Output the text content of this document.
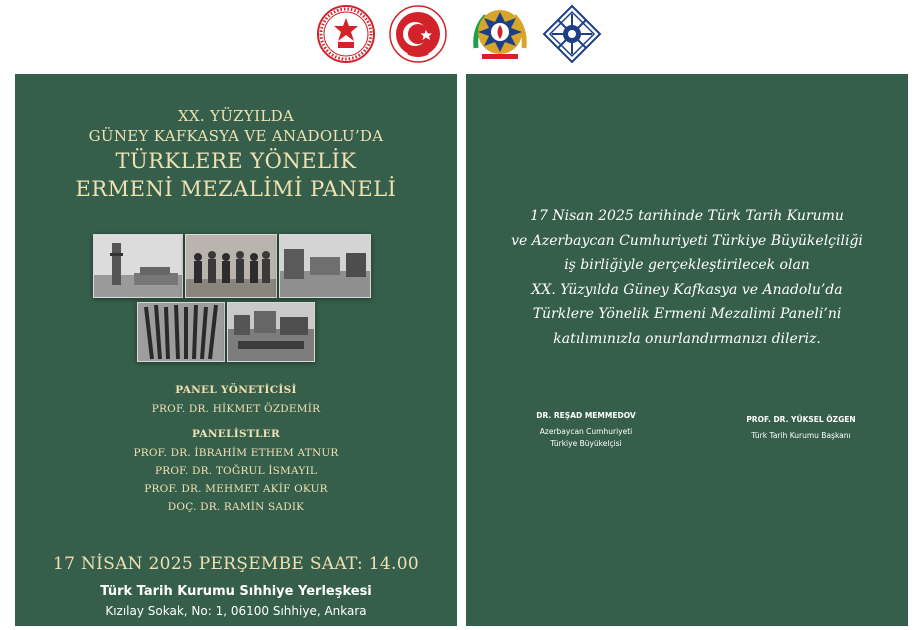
XX. YÜZYILDA
GÜNEY KAFKASYA VE ANADOLU’DA
TÜRKLERE YÖNELİK
ERMENİ MEZALİMİ PANELİ
PANEL YÖNETİCİSİ
PROF. DR. HİKMET ÖZDEMİR
PANELİSTLER
PROF. DR. İBRAHİM ETHEM ATNUR
PROF. DR. TOĞRUL İSMAYIL
PROF. DR. MEHMET AKİF OKUR
DOÇ. DR. RAMİN SADIK
17 NİSAN 2025 PERŞEMBE SAAT: 14.00
Türk Tarih Kurumu Sıhhiye Yerleşkesi
Kızılay Sokak, No: 1, 06100 Sıhhiye, Ankara
17 Nisan 2025 tarihinde Türk Tarih Kurumu
ve Azerbaycan Cumhuriyeti Türkiye Büyükelçiliği
iş birliğiyle gerçekleştirilecek olan
XX. Yüzyılda Güney Kafkasya ve Anadolu’da
Türklere Yönelik Ermeni Mezalimi Paneli’ni
katılımınızla onurlandırmanızı dileriz.
DR. REŞAD MEMMEDOV
Azerbaycan Cumhuriyeti
Türkiye Büyükelçisi
PROF. DR. YÜKSEL ÖZGEN
Türk Tarih Kurumu Başkanı
